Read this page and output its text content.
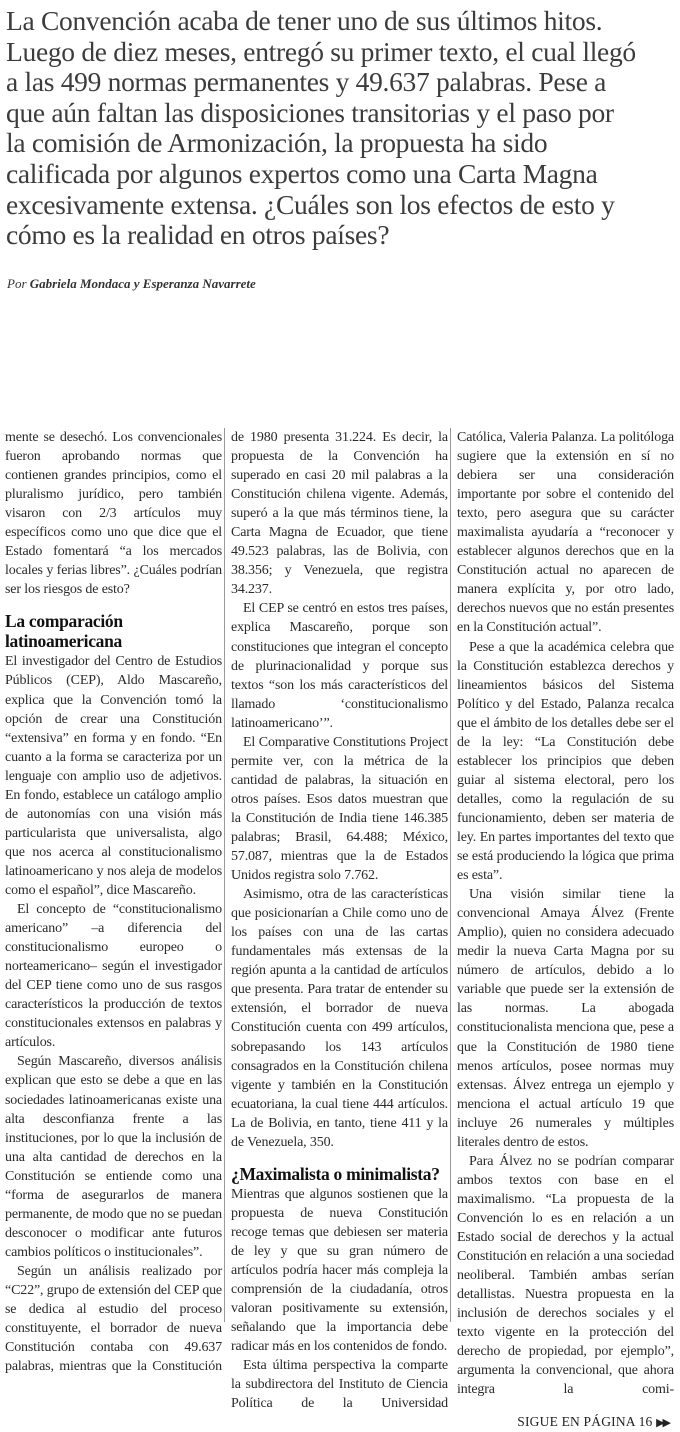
La Convención acaba de tener uno de sus últimos hitos.
Luego de diez meses, entregó su primer texto, el cual llegó
a las 499 normas permanentes y 49.637 palabras. Pese a
que aún faltan las disposiciones transitorias y el paso por
la comisión de Armonización, la propuesta ha sido
calificada por algunos expertos como una Carta Magna
excesivamente extensa. ¿Cuáles son los efectos de esto y
cómo es la realidad en otros países?
Por Gabriela Mondaca y Esperanza Navarrete

mente se desechó. Los convencionales fueron aprobando normas que contienen grandes principios, como el pluralismo jurídico, pero también visaron con 2/3 artículos muy específicos como uno que dice que el Estado fomentará “a los mercados locales y ferias libres”. ¿Cuáles podrían ser los riesgos de esto?

La comparación latinoamericana

El investigador del Centro de Estudios Públicos (CEP), Aldo Mascareño, explica que la Convención tomó la opción de crear una Constitución “extensiva” en forma y en fondo. “En cuanto a la forma se caracteriza por un lenguaje con amplio uso de adjetivos. En fondo, establece un catálogo amplio de autonomías con una visión más particularista que universalista, algo que nos acerca al constitucionalismo latinoamericano y nos aleja de modelos como el español”, dice Mascareño.

El concepto de “constitucionalismo americano” –a diferencia del constitucionalismo europeo o norteamericano– según el investigador del CEP tiene como uno de sus rasgos característicos la producción de textos constitucionales extensos en palabras y artículos.

Según Mascareño, diversos análisis explican que esto se debe a que en las sociedades latinoamericanas existe una alta desconfianza frente a las instituciones, por lo que la inclusión de una alta cantidad de derechos en la Constitución se entiende como una “forma de asegurarlos de manera permanente, de modo que no se puedan desconocer o modificar ante futuros cambios políticos o institucionales”.

Según un análisis realizado por “C22”, grupo de extensión del CEP que se dedica al estudio del proceso constituyente, el borrador de nueva Constitución contaba con 49.637 palabras, mientras que la Constitución

de 1980 presenta 31.224. Es decir, la propuesta de la Convención ha superado en casi 20 mil palabras a la Constitución chilena vigente. Además, superó a la que más términos tiene, la Carta Magna de Ecuador, que tiene 49.523 palabras, las de Bolivia, con 38.356; y Venezuela, que registra 34.237.

El CEP se centró en estos tres países, explica Mascareño, porque son constituciones que integran el concepto de plurinacionalidad y porque sus textos “son los más característicos del llamado ‘constitucionalismo latinoamericano’”.

El Comparative Constitutions Project permite ver, con la métrica de la cantidad de palabras, la situación en otros países. Esos datos muestran que la Constitución de India tiene 146.385 palabras; Brasil, 64.488; México, 57.087, mientras que la de Estados Unidos registra solo 7.762.

Asimismo, otra de las características que posicionarían a Chile como uno de los países con una de las cartas fundamentales más extensas de la región apunta a la cantidad de artículos que presenta. Para tratar de entender su extensión, el borrador de nueva Constitución cuenta con 499 artículos, sobrepasando los 143 artículos consagrados en la Constitución chilena vigente y también en la Constitución ecuatoriana, la cual tiene 444 artículos. La de Bolivia, en tanto, tiene 411 y la de Venezuela, 350.

¿Maximalista o minimalista?

Mientras que algunos sostienen que la propuesta de nueva Constitución recoge temas que debiesen ser materia de ley y que su gran número de artículos podría hacer más compleja la comprensión de la ciudadanía, otros valoran positivamente su extensión, señalando que la importancia debe radicar más en los contenidos de fondo.

Esta última perspectiva la comparte la subdirectora del Instituto de Ciencia Política de la Universidad

Católica, Valeria Palanza. La politóloga sugiere que la extensión en sí no debiera ser una consideración importante por sobre el contenido del texto, pero asegura que su carácter maximalista ayudaría a “reconocer y establecer algunos derechos que en la Constitución actual no aparecen de manera explícita y, por otro lado, derechos nuevos que no están presentes en la Constitución actual”.

Pese a que la académica celebra que la Constitución establezca derechos y lineamientos básicos del Sistema Político y del Estado, Palanza recalca que el ámbito de los detalles debe ser el de la ley: “La Constitución debe establecer los principios que deben guiar al sistema electoral, pero los detalles, como la regulación de su funcionamiento, deben ser materia de ley. En partes importantes del texto que se está produciendo la lógica que prima es esta”.

Una visión similar tiene la convencional Amaya Álvez (Frente Amplio), quien no considera adecuado medir la nueva Carta Magna por su número de artículos, debido a lo variable que puede ser la extensión de las normas. La abogada constitucionalista menciona que, pese a que la Constitución de 1980 tiene menos artículos, posee normas muy extensas. Álvez entrega un ejemplo y menciona el actual artículo 19 que incluye 26 numerales y múltiples literales dentro de estos.

Para Álvez no se podrían comparar ambos textos con base en el maximalismo. “La propuesta de la Convención lo es en relación a un Estado social de derechos y la actual Constitución en relación a una sociedad neoliberal. También ambas serían detallistas. Nuestra propuesta en la inclusión de derechos sociales y el texto vigente en la protección del derecho de propiedad, por ejemplo”, argumenta la convencional, que ahora integra la comi-

SIGUE EN PÁGINA 16 ▶▶
